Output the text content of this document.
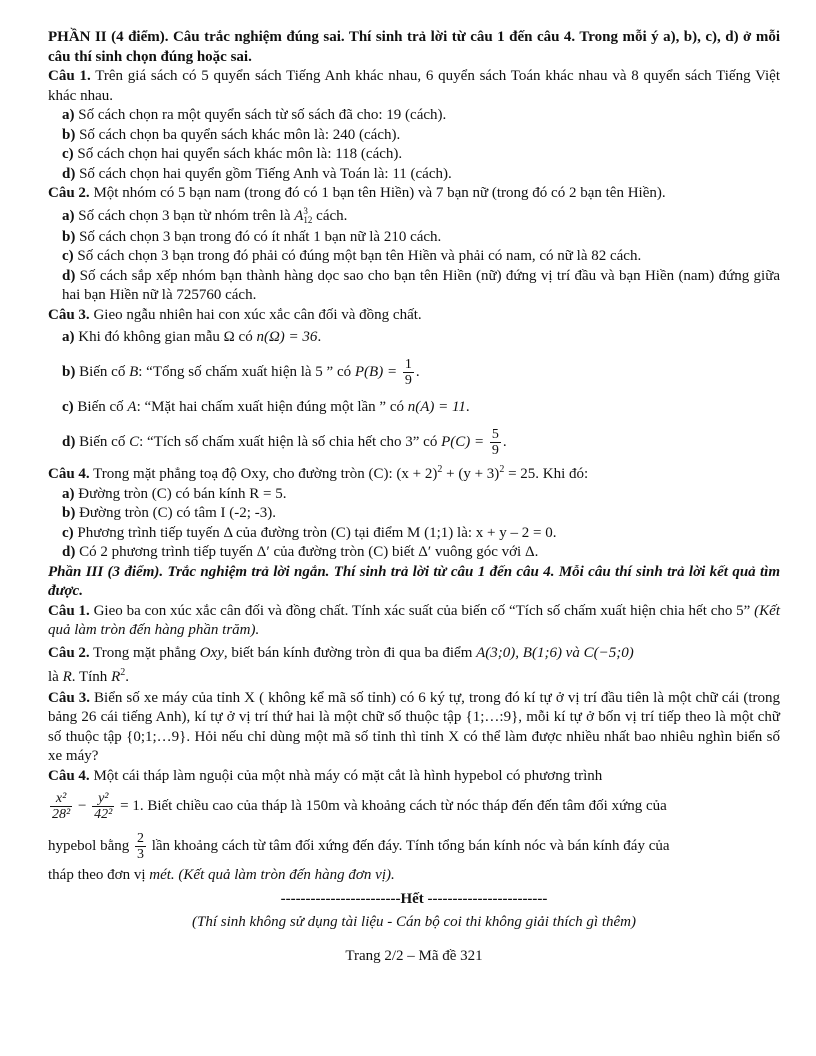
PHẦN II (4 điểm). Câu trắc nghiệm đúng sai. Thí sinh trả lời từ câu 1 đến câu 4. Trong mỗi ý a), b), c), d) ở mỗi câu thí sinh chọn đúng hoặc sai.

Câu 1. Trên giá sách có 5 quyển sách Tiếng Anh khác nhau, 6 quyển sách Toán khác nhau và 8 quyển sách Tiếng Việt khác nhau.

a) Số cách chọn ra một quyển sách từ số sách đã cho: 19 (cách).

b) Số cách chọn ba quyển sách khác môn là: 240 (cách).

c) Số cách chọn hai quyển sách khác môn là: 118 (cách).

d) Số cách chọn hai quyển gồm Tiếng Anh và Toán là: 11 (cách).

Câu 2. Một nhóm có 5 bạn nam (trong đó có 1 bạn tên Hiền) và 7 bạn nữ (trong đó có 2 bạn tên Hiền).

a) Số cách chọn 3 bạn từ nhóm trên là A 3
12 cách.

b) Số cách chọn 3 bạn trong đó có ít nhất 1 bạn nữ là 210 cách.

c) Số cách chọn 3 bạn trong đó phải có đúng một bạn tên Hiền và phải có nam, có nữ là 82 cách.

d) Số cách sắp xếp nhóm bạn thành hàng dọc sao cho bạn tên Hiền (nữ) đứng vị trí đầu và bạn Hiền (nam) đứng giữa hai bạn Hiền nữ là 725760 cách.

Câu 3. Gieo ngẫu nhiên hai con xúc xắc cân đối và đồng chất.

a) Khi đó không gian mẫu Ω có n(Ω) = 36.

b) Biến cố B: “Tổng số chấm xuất hiện là 5 ” có $P(B) = \frac{1}{9}$ .

c) Biến cố A: “Mặt hai chấm xuất hiện đúng một lần ” có n(A) = 11.

d) Biến cố C: “Tích số chấm xuất hiện là số chia hết cho 3” có $P(C) = \frac{5}{9}$ .

Câu 4. Trong mặt phẳng toạ độ Oxy, cho đường tròn (C): $(x + 2)^2 + (y + 3)^2 = 25$. Khi đó:

a) Đường tròn (C) có bán kính R = 5.

b) Đường tròn (C) có tâm I (-2; -3).

c) Phương trình tiếp tuyến Δ của đường tròn (C) tại điểm M (1;1) là: x + y – 2 = 0.

d) Có 2 phương trình tiếp tuyến Δ′ của đường tròn (C) biết Δ′ vuông góc với Δ.

Phần III (3 điểm). Trắc nghiệm trả lời ngắn. Thí sinh trả lời từ câu 1 đến câu 4. Mỗi câu thí sinh trả lời kết quả tìm được.

Câu 1. Gieo ba con xúc xắc cân đối và đồng chất. Tính xác suất của biến cố “Tích số chấm xuất hiện chia hết cho 5” (Kết quả làm tròn đến hàng phần trăm).

Câu 2. Trong mặt phẳng Oxy, biết bán kính đường tròn đi qua ba điểm A(3;0), B(1;6) và C(−5;0)
là R. Tính $R^2$.

Câu 3. Biển số xe máy của tỉnh X ( không kể mã số tỉnh) có 6 ký tự, trong đó kí tự ở vị trí đầu tiên là một chữ cái (trong bảng 26 cái tiếng Anh), kí tự ở vị trí thứ hai là một chữ số thuộc tập {1;…:9}, mỗi kí tự ở bốn vị trí tiếp theo là một chữ số thuộc tập {0;1;…9}. Hỏi nếu chỉ dùng một mã số tỉnh thì tỉnh X có thể làm được nhiều nhất bao nhiêu nghìn biển số xe máy?

Câu 4. Một cái tháp làm nguội của một nhà máy có mặt cắt là hình hypebol có phương trình

$\frac{\text{x²}}{\text{28²}} - \frac{\text{y²}}{\text{42²}} = 1$. Biết chiều cao của tháp là 150m và khoảng cách từ nóc tháp đến đến tâm đối xứng của

hypebol bằng $\frac{2}{3}$ lần khoảng cách từ tâm đối xứng đến đáy. Tính tổng bán kính nóc và bán kính đáy của

tháp theo đơn vị mét. (Kết quả làm tròn đến hàng đơn vị).

------------------------Hết ------------------------

(Thí sinh không sử dụng tài liệu - Cán bộ coi thi không giải thích gì thêm)

Trang 2/2 – Mã đề 321
